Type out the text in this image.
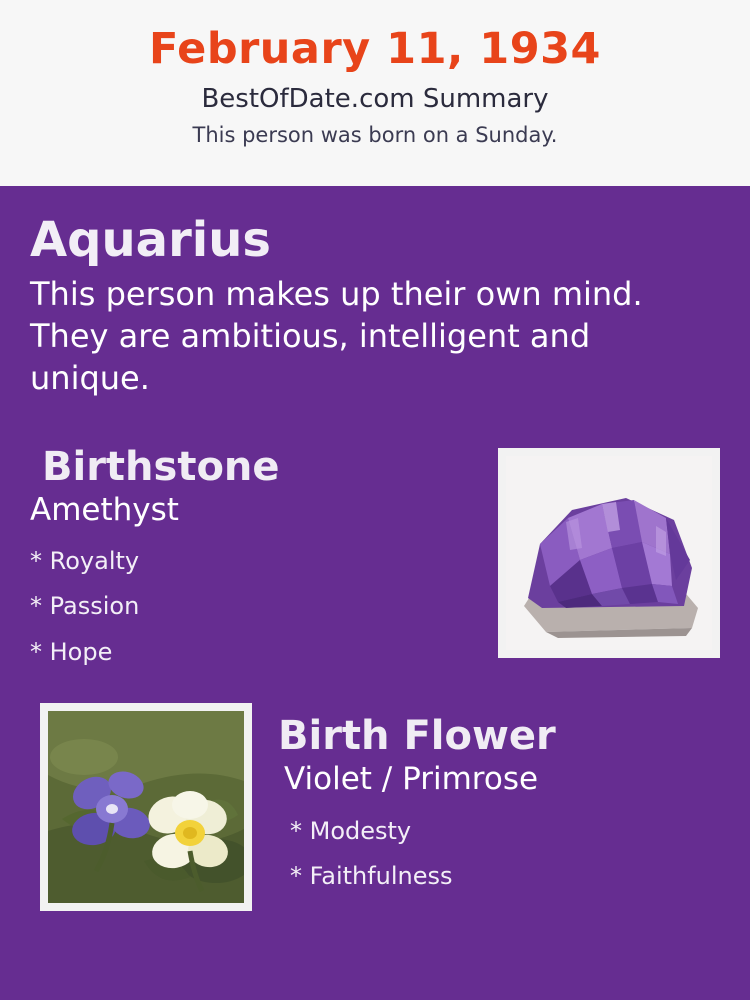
February 11, 1934
BestOfDate.com Summary
This person was born on a Sunday.
Aquarius
This person makes up their own mind. They are ambitious, intelligent and unique.
Birthstone
Amethyst
* Royalty
* Passion
* Hope
Birth Flower
Violet / Primrose
* Modesty
* Faithfulness
